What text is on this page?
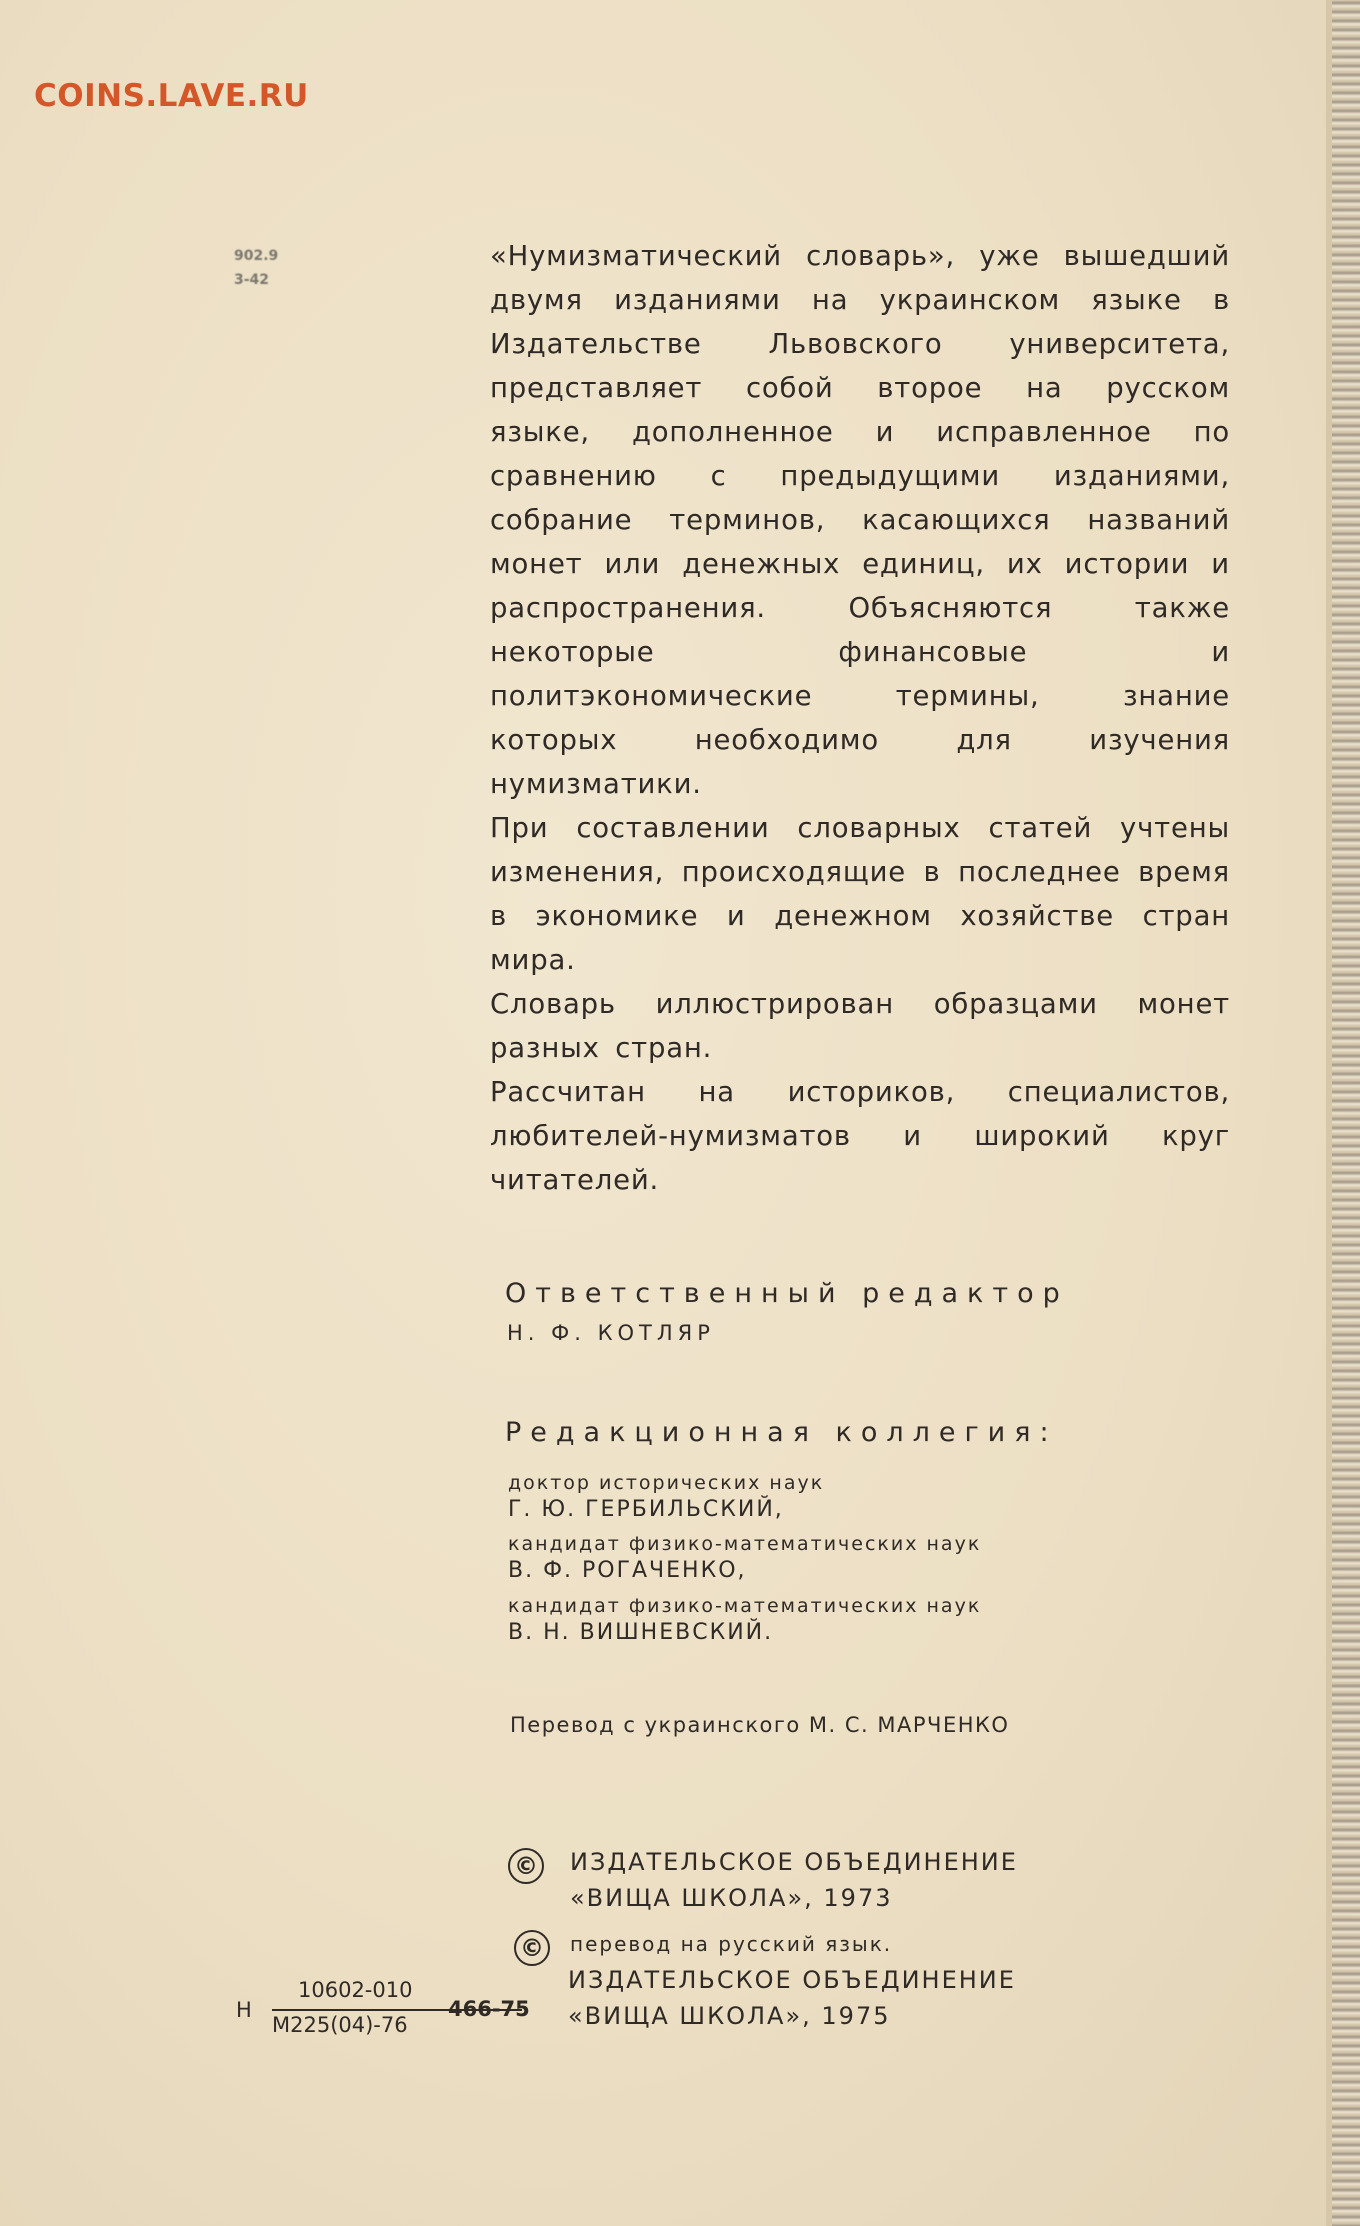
COINS.LAVE.RU
902.9
3-42

«Нумизматический словарь», уже вышедший двумя изданиями на украинском языке в Издательстве Львовского университета, представляет собой второе на русском языке, дополненное и исправленное по сравнению с предыдущими изданиями, собрание терминов, касающихся названий монет или денежных единиц, их истории и распространения. Объясняются также некоторые финансовые и политэкономические термины, знание которых необходимо для изучения нумизматики.

При составлении словарных статей учтены изменения, происходящие в последнее время в экономике и денежном хозяйстве стран мира.

Словарь иллюстрирован образцами монет разных стран.

Рассчитан на историков, специалистов, любителей-нумизматов и широкий круг читателей.

Ответственный редактор
Н. Ф. КОТЛЯР
Редакционная коллегия:
доктор исторических наук
Г. Ю. ГЕРБИЛЬСКИЙ,
кандидат физико-математических наук
В. Ф. РОГАЧЕНКО,
кандидат физико-математических наук
В. Н. ВИШНЕВСКИЙ.
Перевод с украинского М. С. МАРЧЕНКО
© ИЗДАТЕЛЬСКОЕ ОБЪЕДИНЕНИЕ
«ВИЩА ШКОЛА», 1973
©	перевод на русский язык.
ИЗДАТЕЛЬСКОЕ ОБЪЕДИНЕНИЕ
«ВИЩА ШКОЛА», 1975
Н
10602-010
М225(04)-76
466-75
